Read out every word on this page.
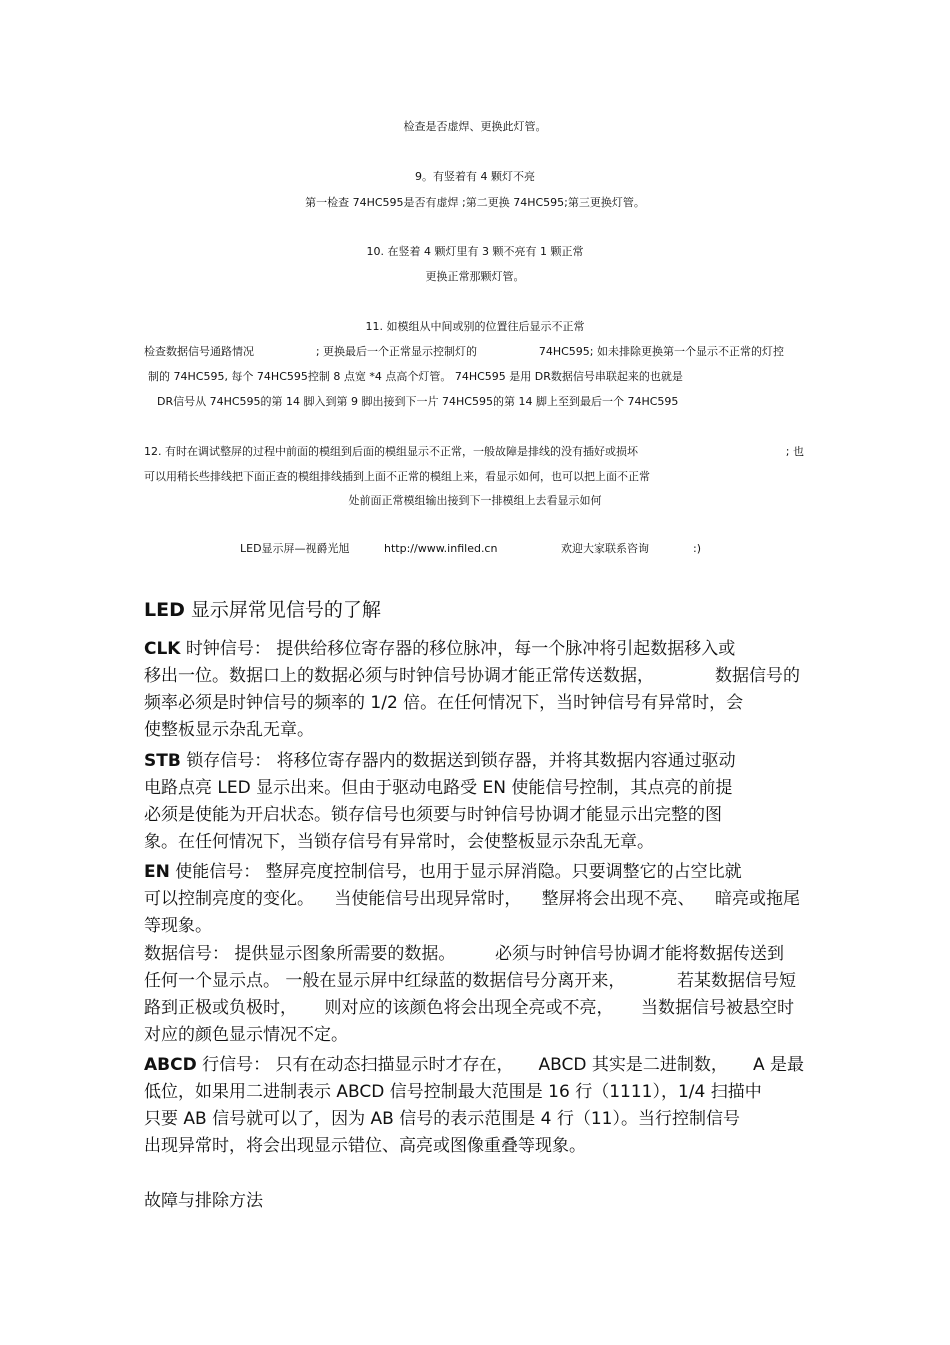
检查是否虚焊、更换此灯管。
9。有竖着有 4 颗灯不亮
第一检查 74HC595是否有虚焊 ;第二更换 74HC595;第三更换灯管。
10. 在竖着 4 颗灯里有 3 颗不亮有 1 颗正常
更换正常那颗灯管。
11. 如模组从中间或别的位置往后显示不正常
检查数据信号通路情况	; 更换最后一个正常显示控制灯的	74HC595; 如未排除更换第一个显示不正常的灯控
制的 74HC595, 每个 74HC595控制 8 点宽 *4 点高个灯管。 74HC595 是用 DR数据信号串联起来的也就是
DR信号从 74HC595的第 14 脚入到第 9 脚出接到下一片 74HC595的第 14 脚上至到最后一个 74HC595
12. 有时在调试整屏的过程中前面的模组到后面的模组显示不正常，一般故障是排线的没有插好或损坏	; 也
可以用稍长些排线把下面正查的模组排线插到上面不正常的模组上来，看显示如何，也可以把上面不正常
处前面正常模组输出接到下一排模组上去看显示如何
LED显示屏—视爵光旭	http://www.infiled.cn	欢迎大家联系咨询	:)
LED 显示屏常见信号的了解
CLK 时钟信号： 提供给移位寄存器的移位脉冲，每一个脉冲将引起数据移入或
移出一位。数据口上的数据必须与时钟信号协调才能正常传送数据，	数据信号的
频率必须是时钟信号的频率的 1/2 倍。在任何情况下，当时钟信号有异常时，会
使整板显示杂乱无章。
STB 锁存信号： 将移位寄存器内的数据送到锁存器，并将其数据内容通过驱动
电路点亮 LED 显示出来。但由于驱动电路受 EN 使能信号控制，其点亮的前提
必须是使能为开启状态。锁存信号也须要与时钟信号协调才能显示出完整的图
象。在任何情况下，当锁存信号有异常时，会使整板显示杂乱无章。
EN 使能信号： 整屏亮度控制信号，也用于显示屏消隐。只要调整它的占空比就
可以控制亮度的变化。 当使能信号出现异常时， 整屏将会出现不亮、 暗亮或拖尾
等现象。
数据信号： 提供显示图象所需要的数据。 必须与时钟信号协调才能将数据传送到
任何一个显示点。 一般在显示屏中红绿蓝的数据信号分离开来，	若某数据信号短
路到正极或负极时， 则对应的该颜色将会出现全亮或不亮， 当数据信号被悬空时
对应的颜色显示情况不定。
ABCD 行信号： 只有在动态扫描显示时才存在， ABCD 其实是二进制数， A 是最
低位，如果用二进制表示 ABCD 信号控制最大范围是 16 行（1111），1/4 扫描中
只要 AB 信号就可以了，因为 AB 信号的表示范围是 4 行（11）。当行控制信号
出现异常时，将会出现显示错位、高亮或图像重叠等现象。
故障与排除方法
